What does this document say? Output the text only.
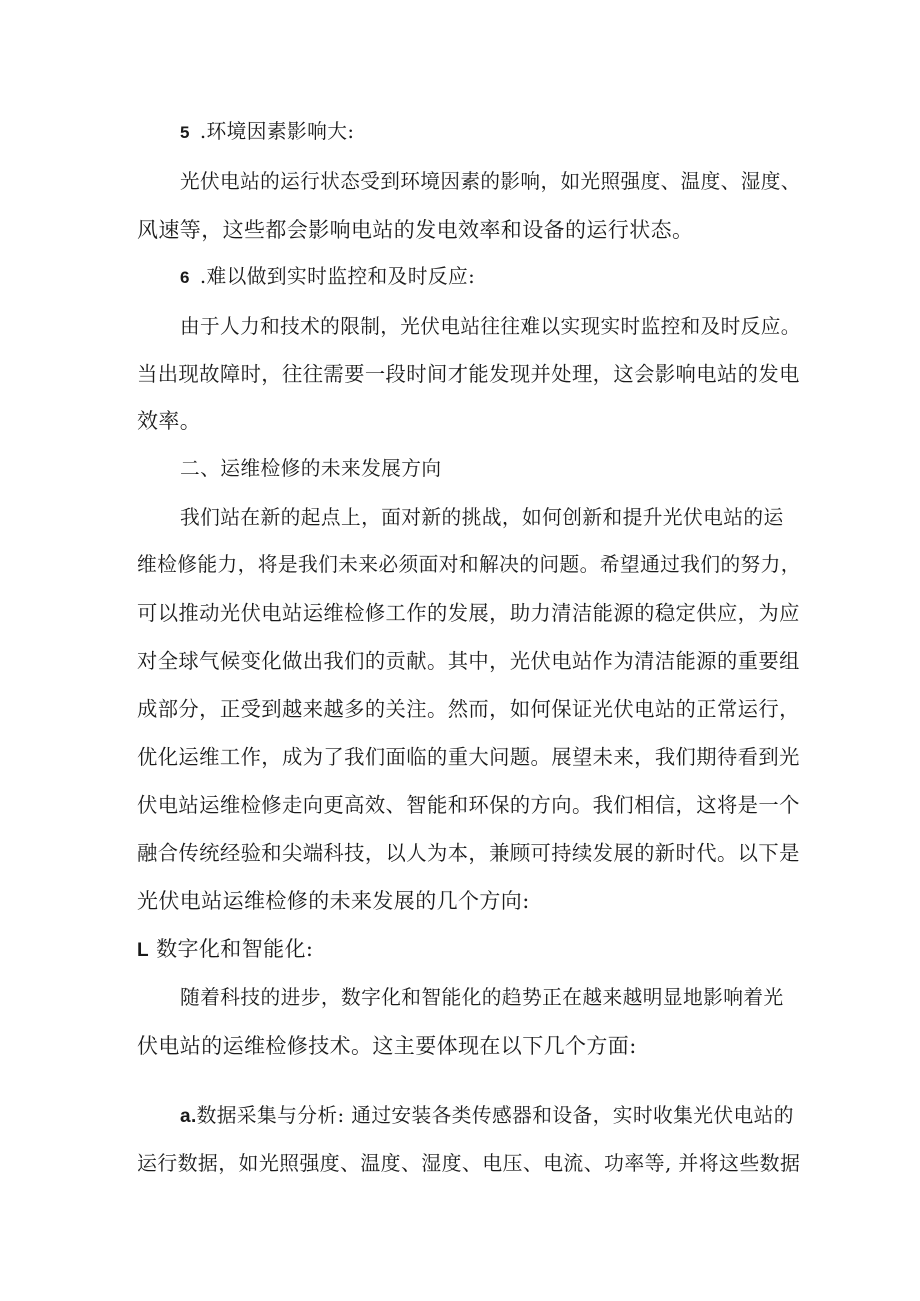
5 .环境因素影响大:
光伏电站的运行状态受到环境因素的影响，如光照强度、温度、湿度、
风速等，这些都会影响电站的发电效率和设备的运行状态。
6 .难以做到实时监控和及时反应:
由于人力和技术的限制，光伏电站往往难以实现实时监控和及时反应。
当出现故障时，往往需要一段时间才能发现并处理，这会影响电站的发电
效率。
二、运维检修的未来发展方向
我们站在新的起点上，面对新的挑战，如何创新和提升光伏电站的运
维检修能力，将是我们未来必须面对和解决的问题。希望通过我们的努力，
可以推动光伏电站运维检修工作的发展，助力清洁能源的稳定供应，为应
对全球气候变化做出我们的贡献。其中，光伏电站作为清洁能源的重要组
成部分，正受到越来越多的关注。然而，如何保证光伏电站的正常运行，
优化运维工作，成为了我们面临的重大问题。展望未来，我们期待看到光
伏电站运维检修走向更高效、智能和环保的方向。我们相信，这将是一个
融合传统经验和尖端科技，以人为本，兼顾可持续发展的新时代。以下是
光伏电站运维检修的未来发展的几个方向:
L 数字化和智能化:
随着科技的进步，数字化和智能化的趋势正在越来越明显地影响着光
伏电站的运维检修技术。这主要体现在以下几个方面:
a.数据采集与分析: 通过安装各类传感器和设备，实时收集光伏电站的
运行数据，如光照强度、温度、湿度、电压、电流、功率等, 并将这些数据
